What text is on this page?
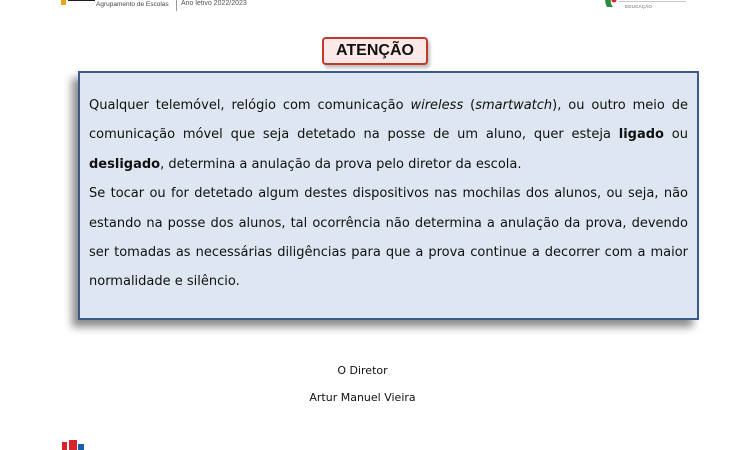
Agrupamento de Escolas Ano letivo 2022/2023	EDUCAÇÃO
ATENÇÃO

Qualquer telemóvel, relógio com comunicação wireless (smartwatch), ou outro meio de comunicação móvel que seja detetado na posse de um aluno, quer esteja ligado ou desligado, determina a anulação da prova pelo diretor da escola.

Se tocar ou for detetado algum destes dispositivos nas mochilas dos alunos, ou seja, não estando na posse dos alunos, tal ocorrência não determina a anulação da prova, devendo ser tomadas as necessárias diligências para que a prova continue a decorrer com a maior normalidade e silêncio.

O Diretor
Artur Manuel Vieira
